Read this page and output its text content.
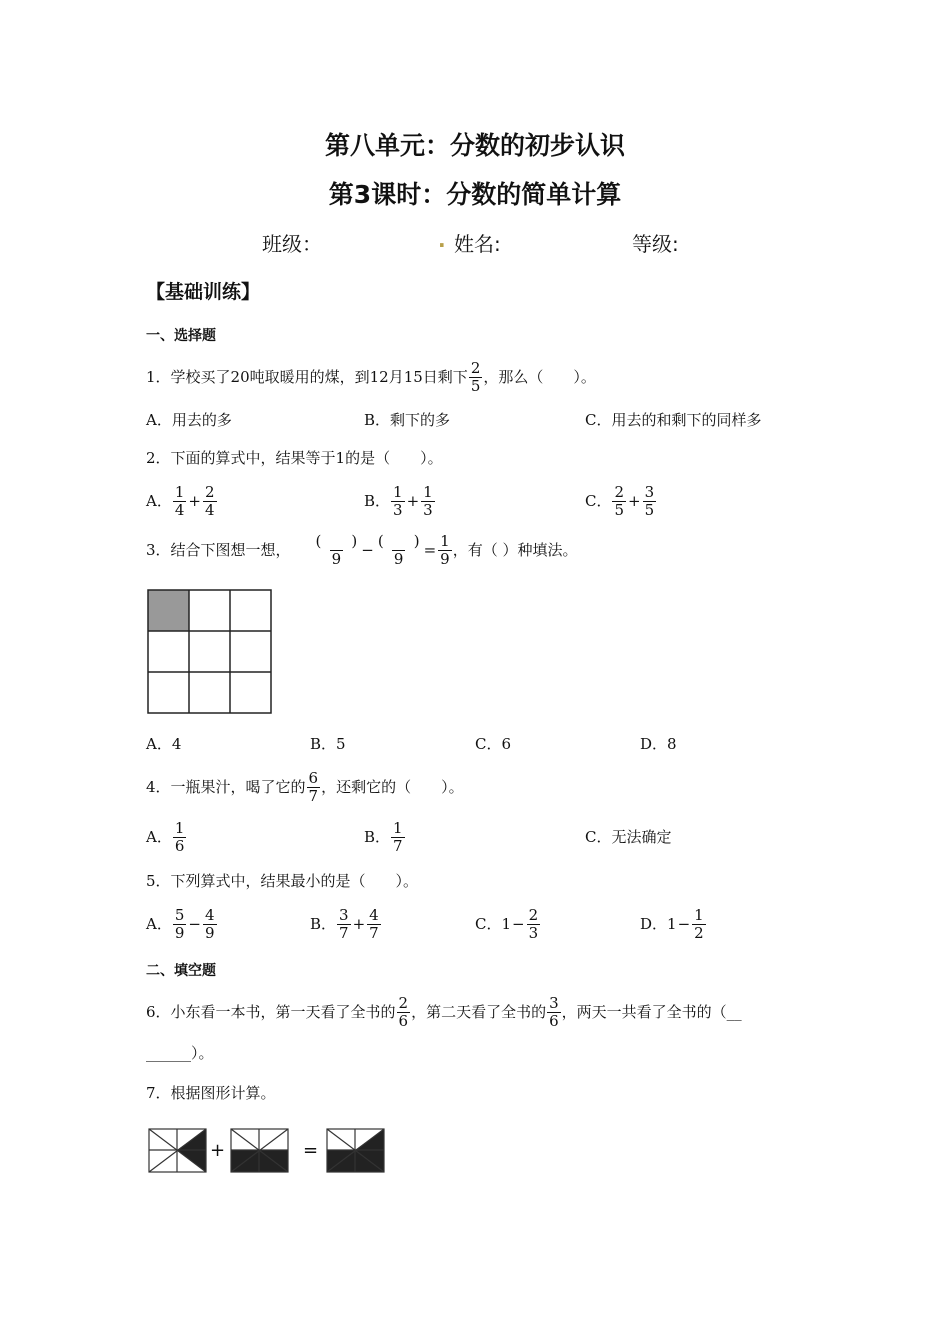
第八单元：分数的初步认识
第3课时：分数的简单计算
班级：	. 姓名:	等级:
【基础训练】
一、选择题
1．学校买了20吨取暖用的煤，到12月15日剩下 $\frac{2}{5}$ ，那么（　　）。
A．用去的多	B．剩下的多	C．用去的和剩下的同样多
2．下面的算式中，结果等于1的是（　　）。
A． $\frac{1}{4} + \frac{2}{4}$	B． $\frac{1}{3} + \frac{1}{3}$	C． $\frac{2}{5} + \frac{3}{5}$
3．结合下图想一想， $\frac{( )}{9} - \frac{( )}{9} = \frac{1}{9}$ ，有（ ）种填法。
A．4	B．5	C．6	D．8
4．一瓶果汁，喝了它的 $\frac{6}{7}$ ，还剩它的（　　）。
A． $\frac{1}{6}$	B． $\frac{1}{7}$	C．无法确定
5．下列算式中，结果最小的是（　　）。
A． $\frac{5}{9} - \frac{4}{9}$	B． $\frac{3}{7} + \frac{4}{7}$	C． $1 - \frac{2}{3}$	D． $1 - \frac{1}{2}$
二、填空题
6．小东看一本书，第一天看了全书的 $\frac{2}{6}$ ，第二天看了全书的 $\frac{3}{6}$ ，两天一共看了全书的（__
______）。
7．根据图形计算。
+	=
